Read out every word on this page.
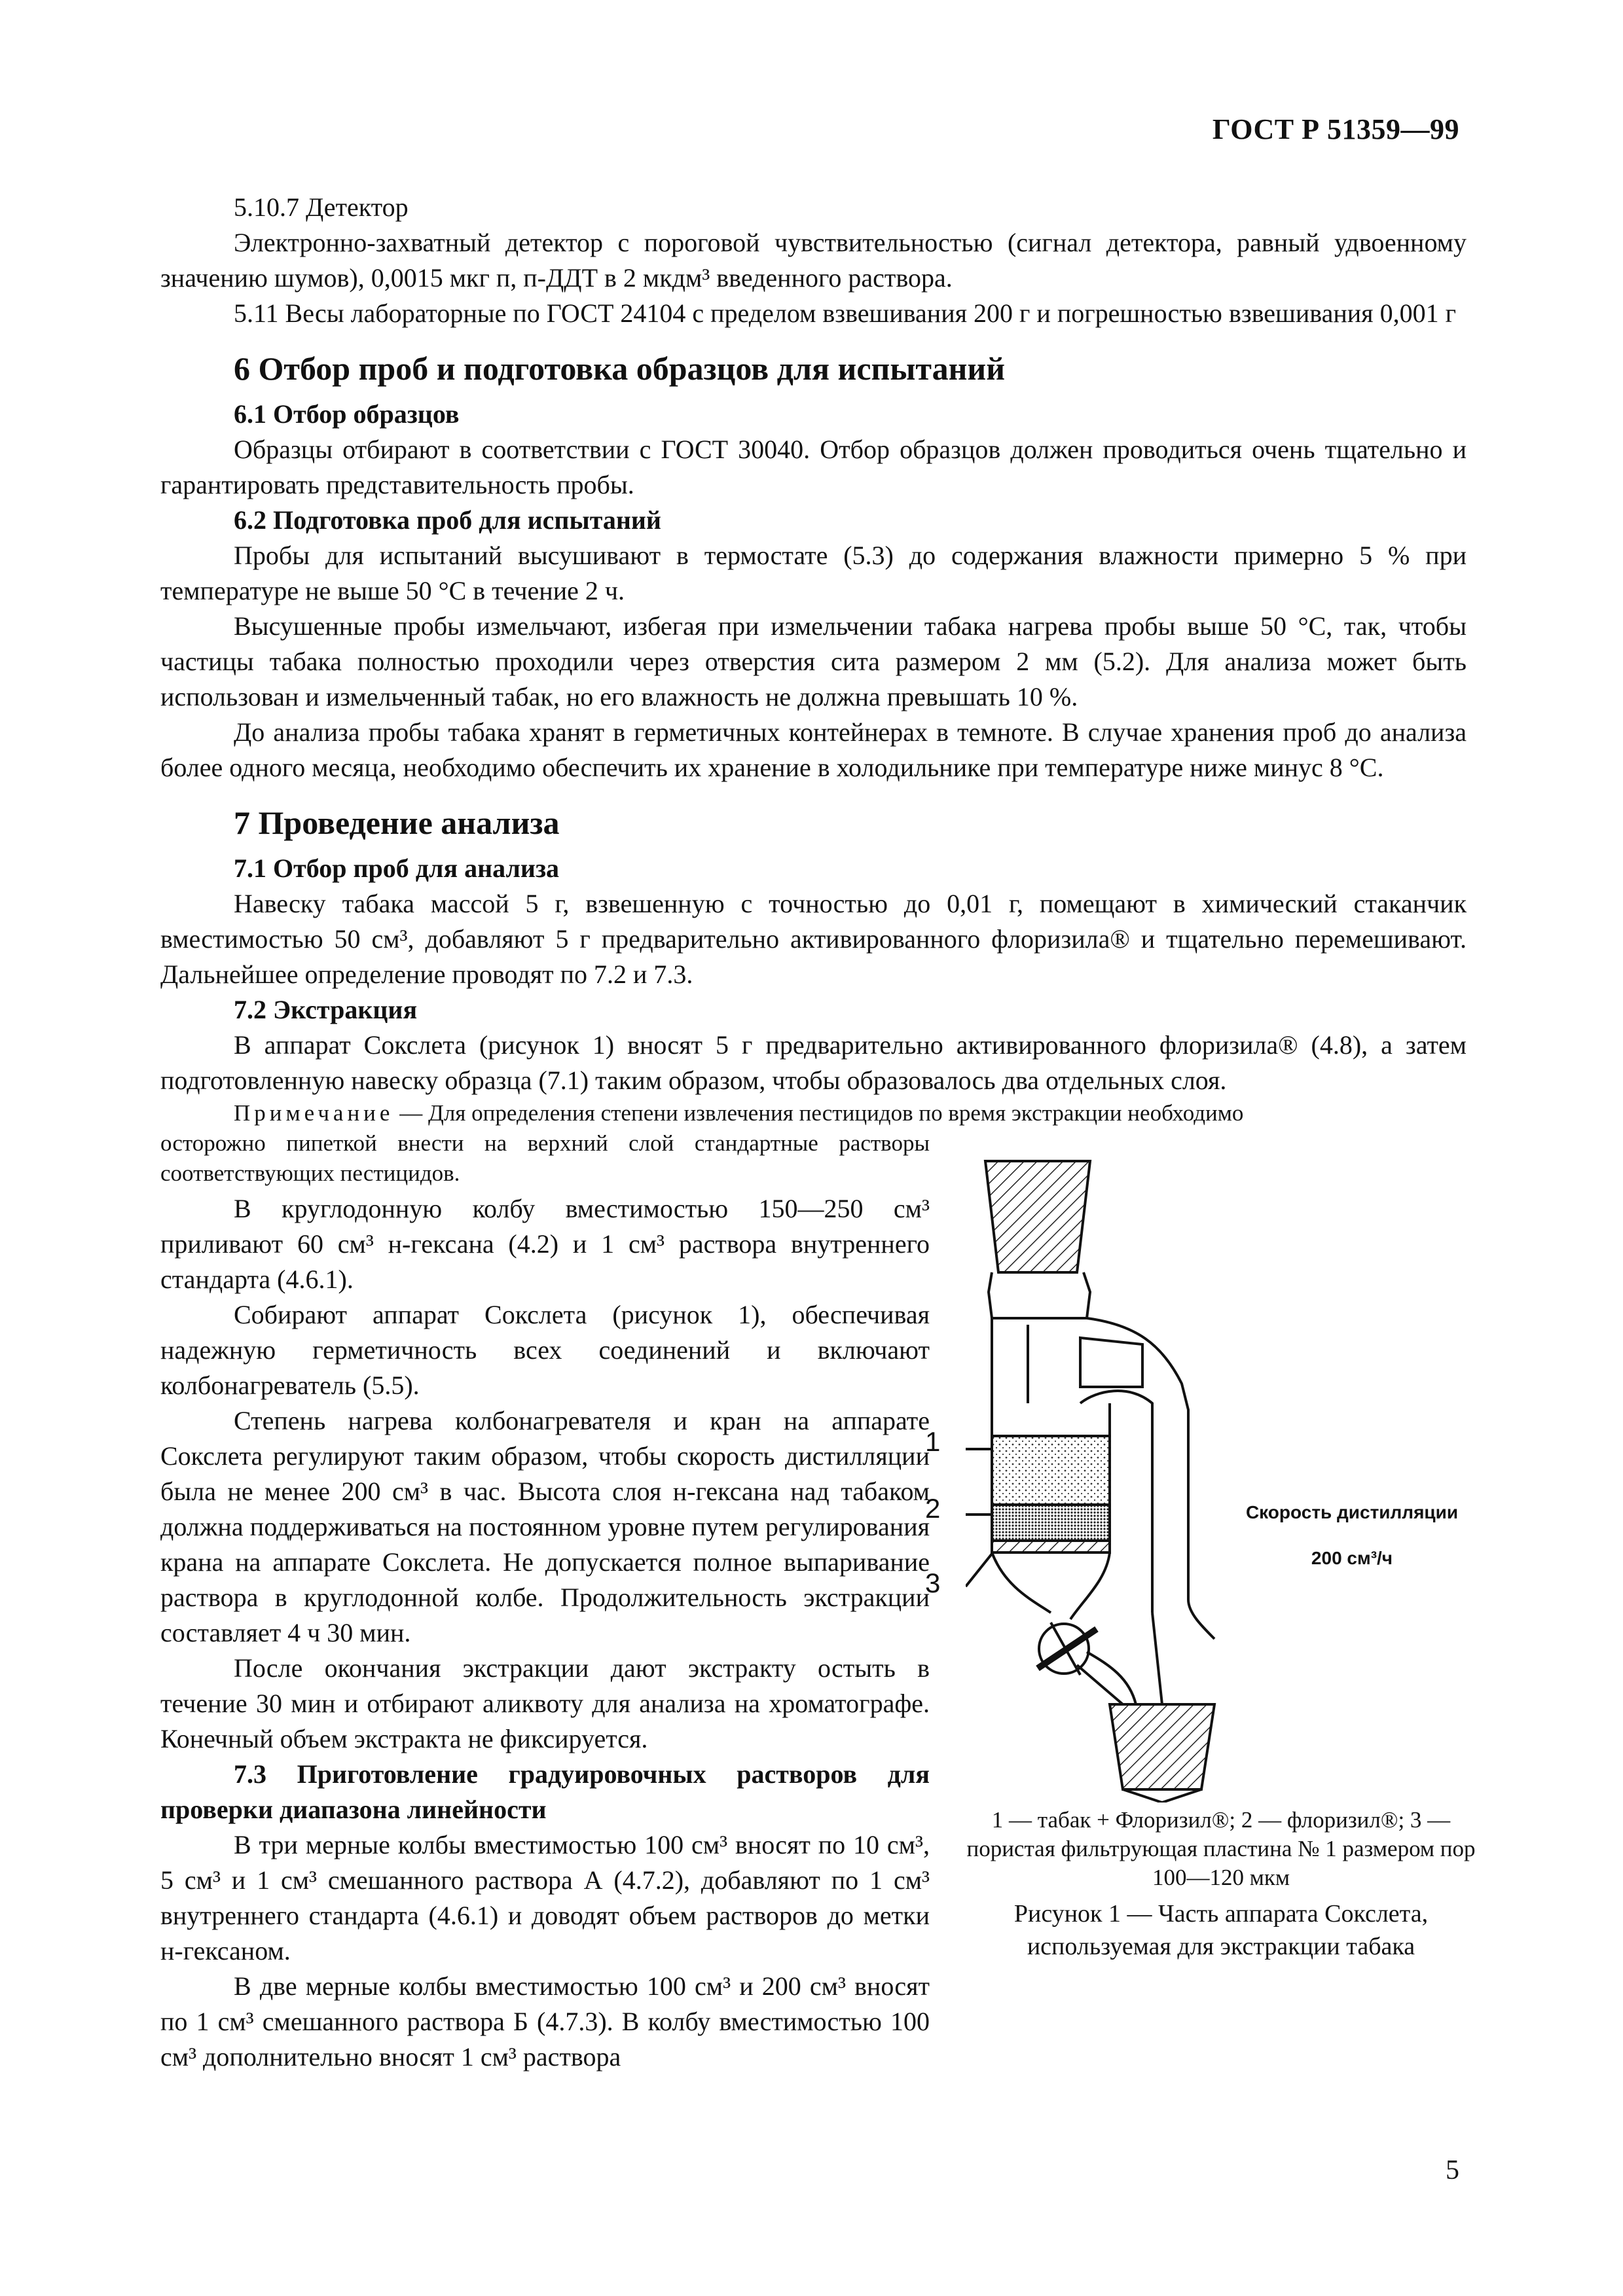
ГОСТ Р 51359—99

5.10.7 Детектор

Электронно-захватный детектор с пороговой чувствительностью (сигнал детектора, равный удвоенному значению шумов), 0,0015 мкг п, п-ДДТ в 2 мкдм³ введенного раствора.

5.11 Весы лабораторные по ГОСТ 24104 с пределом взвешивания 200 г и погрешностью взвешивания 0,001 г

6 Отбор проб и подготовка образцов для испытаний

6.1 Отбор образцов

Образцы отбирают в соответствии с ГОСТ 30040. Отбор образцов должен проводиться очень тщательно и гарантировать представительность пробы.

6.2 Подготовка проб для испытаний

Пробы для испытаний высушивают в термостате (5.3) до содержания влажности примерно 5 % при температуре не выше 50 °С в течение 2 ч.

Высушенные пробы измельчают, избегая при измельчении табака нагрева пробы выше 50 °С, так, чтобы частицы табака полностью проходили через отверстия сита размером 2 мм (5.2). Для анализа может быть использован и измельченный табак, но его влажность не должна превышать 10 %.

До анализа пробы табака хранят в герметичных контейнерах в темноте. В случае хранения проб до анализа более одного месяца, необходимо обеспечить их хранение в холодильнике при температуре ниже минус 8 °С.

7 Проведение анализа

7.1 Отбор проб для анализа

Навеску табака массой 5 г, взвешенную с точностью до 0,01 г, помещают в химический стаканчик вместимостью 50 см³, добавляют 5 г предварительно активированного флоризила® и тщательно перемешивают. Дальнейшее определение проводят по 7.2 и 7.3.

7.2 Экстракция

В аппарат Сокслета (рисунок 1) вносят 5 г предварительно активированного флоризила® (4.8), а затем подготовленную навеску образца (7.1) таким образом, чтобы образовалось два отдельных слоя.

Примечание — Для определения степени извлечения пестицидов по время экстракции необходимо

осторожно пипеткой внести на верхний слой стандартные растворы соответствующих пестицидов.

В круглодонную колбу вместимостью 150—250 см³ приливают 60 см³ н-гексана (4.2) и 1 см³ раствора внутреннего стандарта (4.6.1).

Собирают аппарат Сокслета (рисунок 1), обеспечивая надежную герметичность всех соединений и включают колбонагреватель (5.5).

Степень нагрева колбонагревателя и кран на аппарате Сокслета регулируют таким образом, чтобы скорость дистилляции была не менее 200 см³ в час. Высота слоя н-гексана над табаком должна поддерживаться на постоянном уровне путем регулирования крана на аппарате Сокслета. Не допускается полное выпаривание раствора в круглодонной колбе. Продолжительность экстракции составляет 4 ч 30 мин.

После окончания экстракции дают экстракту остыть в течение 30 мин и отбирают аликвоту для анализа на хроматографе. Конечный объем экстракта не фиксируется.

7.3 Приготовление градуировочных растворов для проверки диапазона линейности

В три мерные колбы вместимостью 100 см³ вносят по 10 см³, 5 см³ и 1 см³ смешанного раствора А (4.7.2), добавляют по 1 см³ внутреннего стандарта (4.6.1) и доводят объем растворов до метки н-гексаном.

В две мерные колбы вместимостью 100 см³ и 200 см³ вносят по 1 см³ смешанного раствора Б (4.7.3). В колбу вместимостью 100 см³ дополнительно вносят 1 см³ раствора

1
2
3
Скорость дистилляции
200 см³/ч
1 — табак + Флоризил®; 2 — флоризил®; 3 — пористая фильтрующая пластина № 1 размером пор 100—120 мкм
Рисунок 1 — Часть аппарата Сокслета, используемая для экстракции табака
5
